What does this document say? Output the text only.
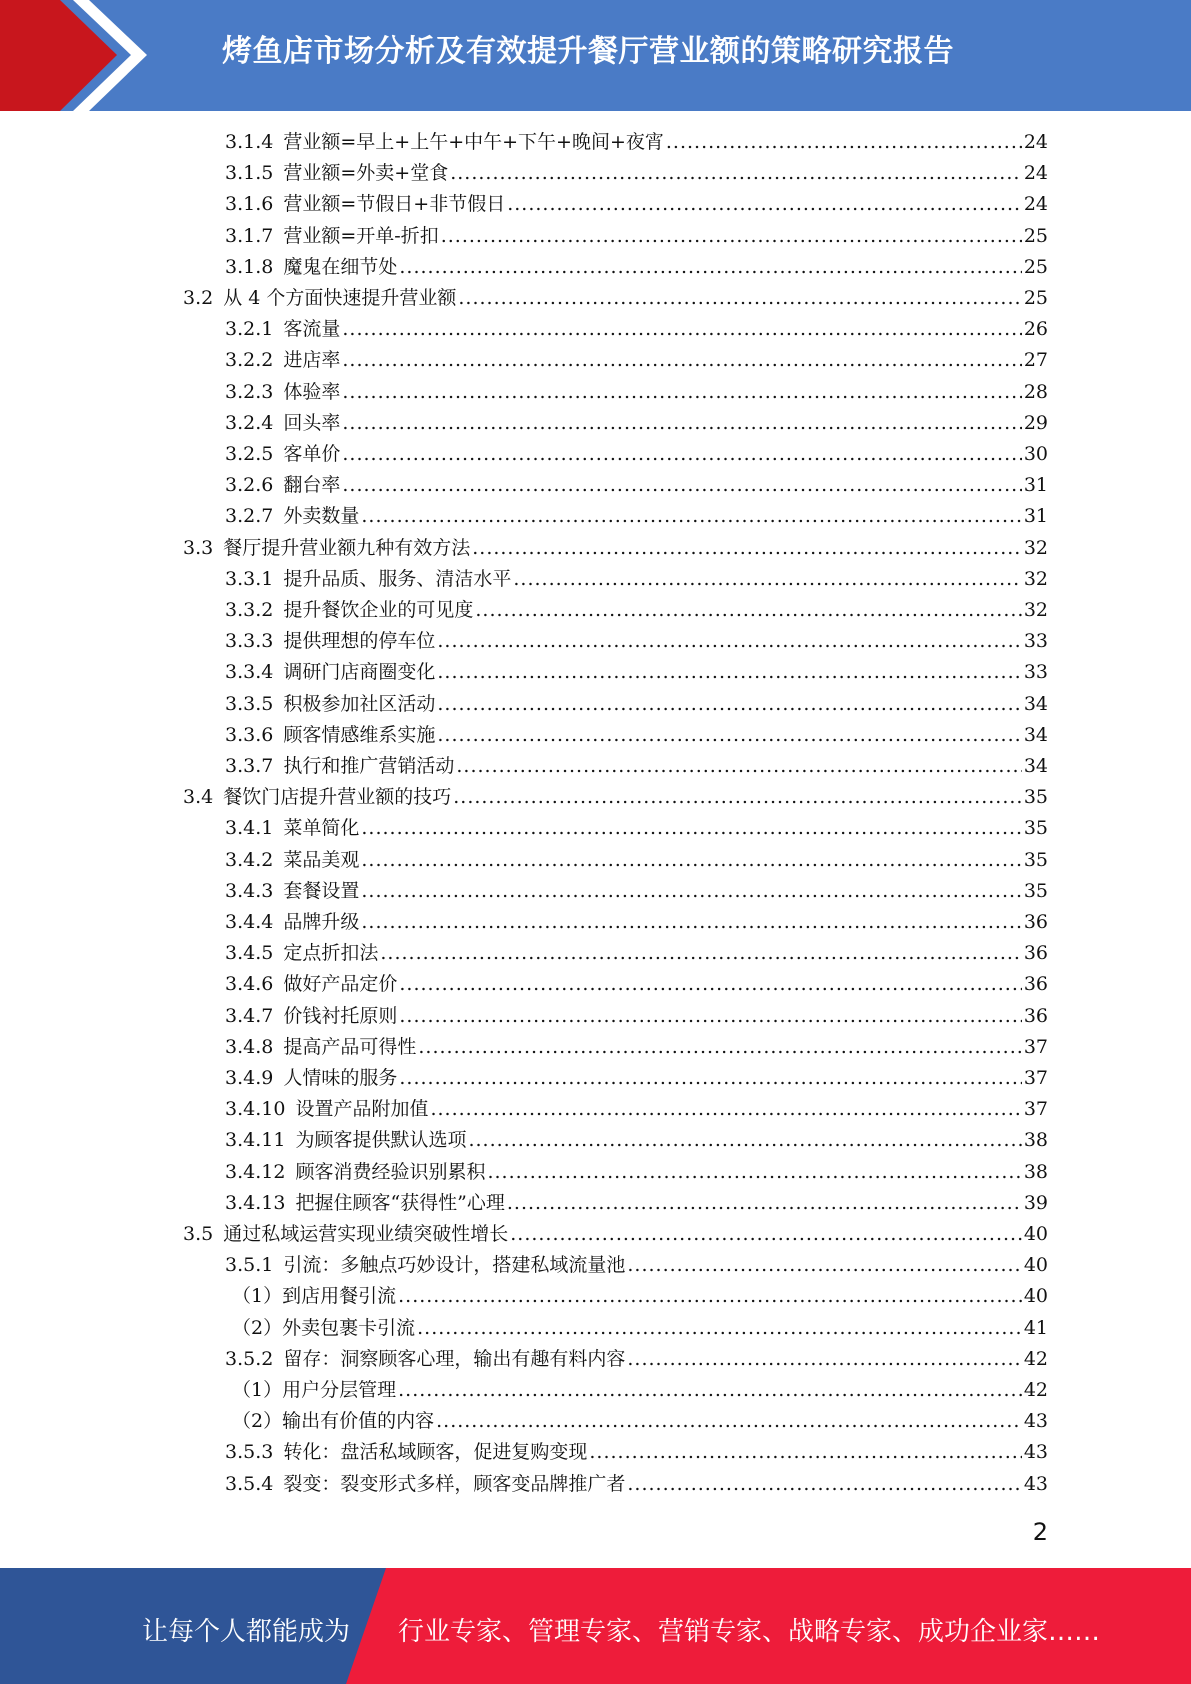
烤鱼店市场分析及有效提升餐厅营业额的策略研究报告
3.1.4 营业额=早上+上午+中午+下午+晚间+夜宵 .....	24
3.1.5 营业额=外卖+堂食 .....	24
3.1.6 营业额=节假日+非节假日 .....	24
3.1.7 营业额=开单-折扣 .....	25
3.1.8 魔鬼在细节处 .....	25
3.2 从 4 个方面快速提升营业额 .....	25
3.2.1 客流量 .....	26
3.2.2 进店率 .....	27
3.2.3 体验率 .....	28
3.2.4 回头率 .....	29
3.2.5 客单价 .....	30
3.2.6 翻台率 .....	31
3.2.7 外卖数量 .....	31
3.3 餐厅提升营业额九种有效方法 .....	32
3.3.1 提升品质、服务、清洁水平 .....	32
3.3.2 提升餐饮企业的可见度 .....	32
3.3.3 提供理想的停车位 .....	33
3.3.4 调研门店商圈变化 .....	33
3.3.5 积极参加社区活动 .....	34
3.3.6 顾客情感维系实施 .....	34
3.3.7 执行和推广营销活动 .....	34
3.4 餐饮门店提升营业额的技巧 .....	35
3.4.1 菜单简化 .....	35
3.4.2 菜品美观 .....	35
3.4.3 套餐设置 .....	35
3.4.4 品牌升级 .....	36
3.4.5 定点折扣法 .....	36
3.4.6 做好产品定价 .....	36
3.4.7 价钱衬托原则 .....	36
3.4.8 提高产品可得性 .....	37
3.4.9 人情味的服务 .....	37
3.4.10 设置产品附加值 .....	37
3.4.11 为顾客提供默认选项 .....	38
3.4.12 顾客消费经验识别累积 .....	38
3.4.13 把握住顾客“获得性”心理 .....	39
3.5 通过私域运营实现业绩突破性增长 .....	40
3.5.1 引流：多触点巧妙设计，搭建私域流量池 .....	40
（1） 到店用餐引流 .....	40
（2） 外卖包裹卡引流 .....	41
3.5.2 留存：洞察顾客心理，输出有趣有料内容 .....	42
（1） 用户分层管理 .....	42
（2） 输出有价值的内容 .....	43
3.5.3 转化：盘活私域顾客，促进复购变现 .....	43
3.5.4 裂变：裂变形式多样，顾客变品牌推广者 .....	43
2
让每个人都能成为 行业专家、管理专家、营销专家、战略专家、成功企业家……
